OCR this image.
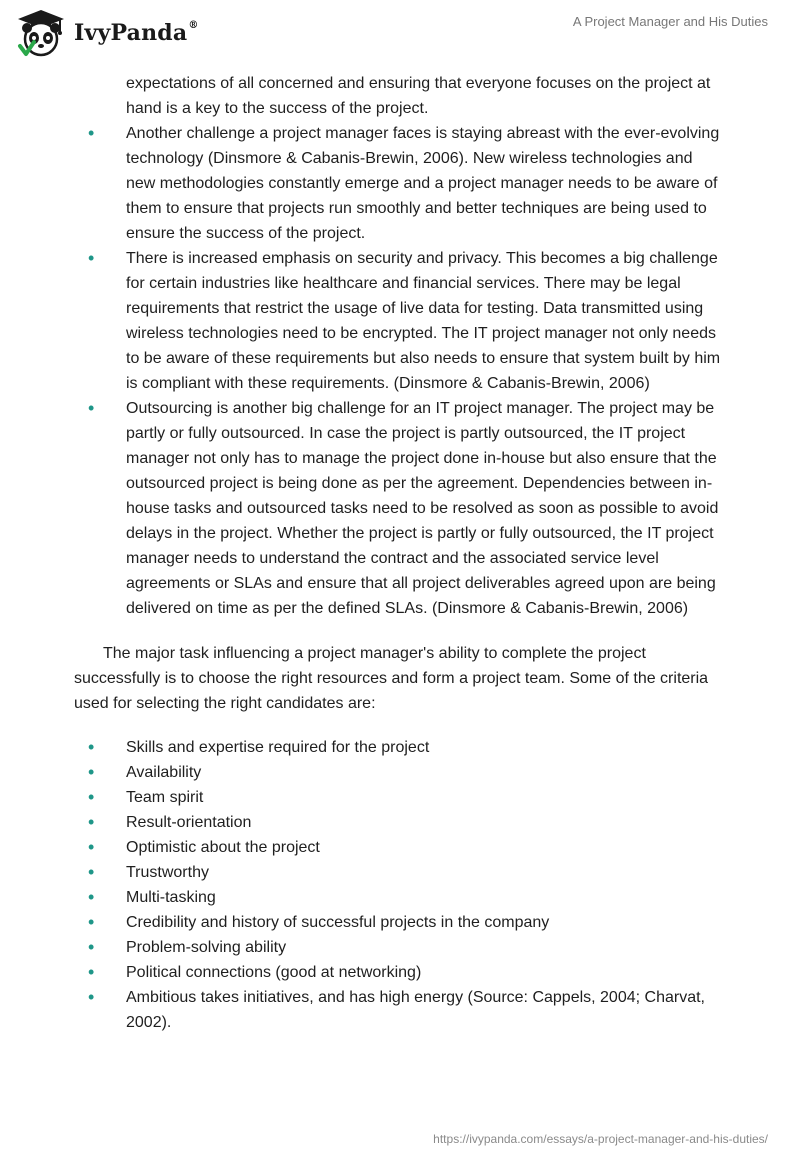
IvyPanda®	A Project Manager and His Duties
expectations of all concerned and ensuring that everyone focuses on the project at hand is a key to the success of the project.
• Another challenge a project manager faces is staying abreast with the ever-evolving technology (Dinsmore & Cabanis-Brewin, 2006). New wireless technologies and new methodologies constantly emerge and a project manager needs to be aware of them to ensure that projects run smoothly and better techniques are being used to ensure the success of the project.
• There is increased emphasis on security and privacy. This becomes a big challenge for certain industries like healthcare and financial services. There may be legal requirements that restrict the usage of live data for testing. Data transmitted using wireless technologies need to be encrypted. The IT project manager not only needs to be aware of these requirements but also needs to ensure that system built by him is compliant with these requirements. (Dinsmore & Cabanis-Brewin, 2006)
• Outsourcing is another big challenge for an IT project manager. The project may be partly or fully outsourced. In case the project is partly outsourced, the IT project manager not only has to manage the project done in-house but also ensure that the outsourced project is being done as per the agreement. Dependencies between in-house tasks and outsourced tasks need to be resolved as soon as possible to avoid delays in the project. Whether the project is partly or fully outsourced, the IT project manager needs to understand the contract and the associated service level agreements or SLAs and ensure that all project deliverables agreed upon are being delivered on time as per the defined SLAs. (Dinsmore & Cabanis-Brewin, 2006)

The major task influencing a project manager's ability to complete the project successfully is to choose the right resources and form a project team. Some of the criteria used for selecting the right candidates are:

• Skills and expertise required for the project
• Availability
• Team spirit
• Result-orientation
• Optimistic about the project
• Trustworthy
• Multi-tasking
• Credibility and history of successful projects in the company
• Problem-solving ability
• Political connections (good at networking)
• Ambitious takes initiatives, and has high energy (Source: Cappels, 2004; Charvat, 2002).
https://ivypanda.com/essays/a-project-manager-and-his-duties/
